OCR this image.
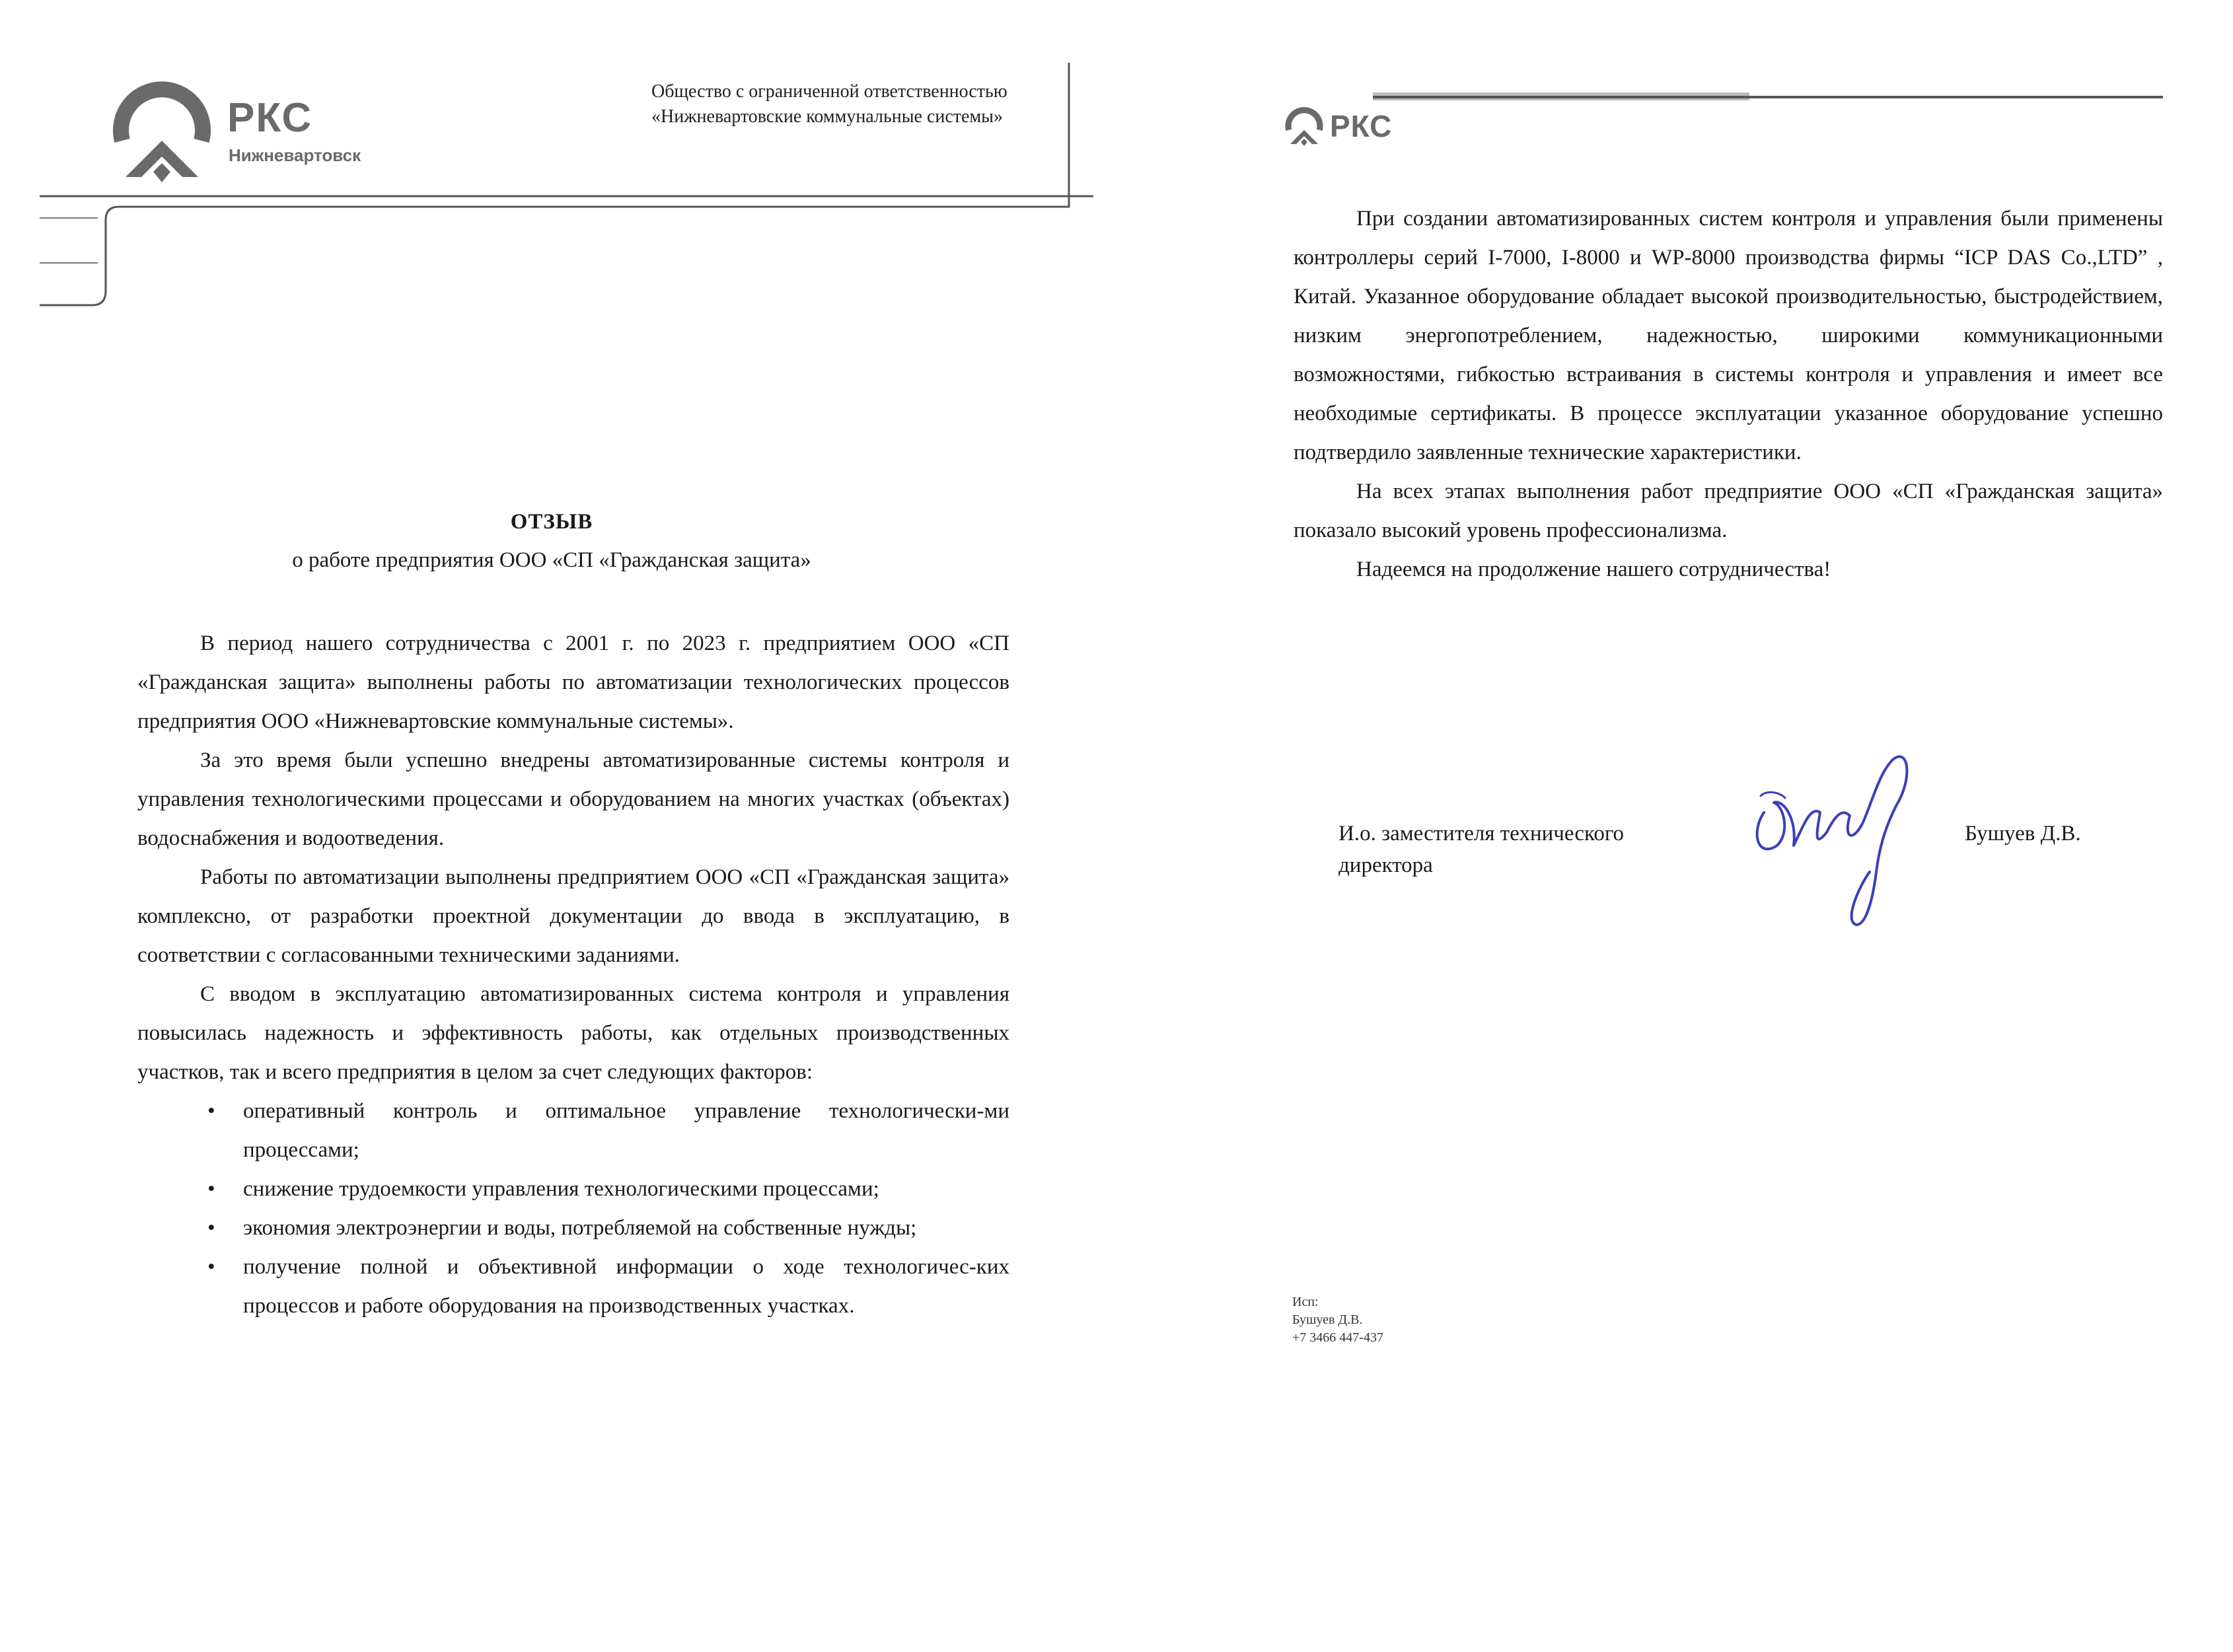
РКС
Нижневартовск
Общество с ограниченной ответственностью
«Нижневартовские коммунальные системы»
ОТЗЫВ
о работе предприятия ООО «СП «Гражданская защита»

В период нашего сотрудничества с 2001 г. по 2023 г. предприятием ООО «СП «Гражданская защита» выполнены работы по автоматизации технологических процессов предприятия ООО «Нижневартовские коммунальные системы».

За это время были успешно внедрены автоматизированные системы контроля и управления технологическими процессами и оборудованием на многих участках (объектах) водоснабжения и водоотведения.

Работы по автоматизации выполнены предприятием ООО «СП «Гражданская защита» комплексно, от разработки проектной документации до ввода в эксплуатацию, в соответствии с согласованными техническими заданиями.

С вводом в эксплуатацию автоматизированных система контроля и управления повысилась надежность и эффективность работы, как отдельных производственных участков, так и всего предприятия в целом за счет следующих факторов:

• оперативный контроль и оптимальное управление технологически-ми процессами;
• снижение трудоемкости управления технологическими процессами;
• экономия электроэнергии и воды, потребляемой на собственные нужды;
• получение полной и объективной информации о ходе технологичес-ких процессов и работе оборудования на производственных участках.
РКС

При создании автоматизированных систем контроля и управления были применены контроллеры серий I-7000, I-8000 и WP-8000 производства фирмы “ICP DAS Co.,LTD” , Китай. Указанное оборудование обладает высокой производительностью, быстродействием, низким энергопотреблением, надежностью, широкими коммуникационными возможностями, гибкостью встраивания в системы контроля и управления и имеет все необходимые сертификаты. В процессе эксплуатации указанное оборудование успешно подтвердило заявленные технические характеристики.

На всех этапах выполнения работ предприятие ООО «СП «Гражданская защита» показало высокий уровень профессионализма.

Надеемся на продолжение нашего сотрудничества!

И.о. заместителя технического
директора
Бушуев Д.В.
Исп:
Бушуев Д.В.
+7 3466 447-437
